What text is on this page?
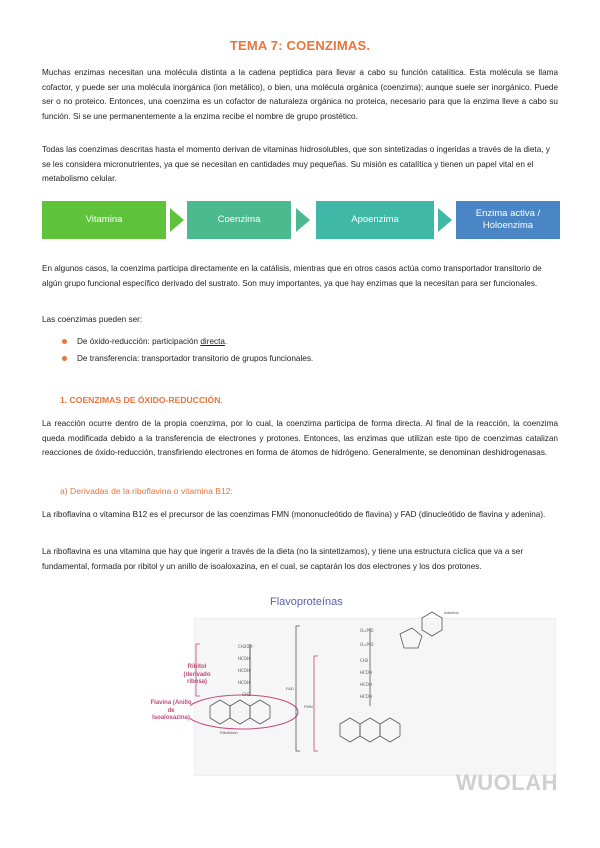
TEMA 7: COENZIMAS.
Muchas enzimas necesitan una molécula distinta a la cadena peptídica para llevar a cabo su función catalítica. Esta molécula se llama cofactor, y puede ser una molécula inorgánica (ion metálico), o bien, una molécula orgánica (coenzima); aunque suele ser inorgánico. Puede ser o no proteico. Entonces, una coenzima es un cofactor de naturaleza orgánica no proteica, necesario para que la enzima lleve a cabo su función. Si se une permanentemente a la enzima recibe el nombre de grupo prostético.
Todas las coenzimas descritas hasta el momento derivan de vitaminas hidrosolubles, que son sintetizadas o ingeridas a través de la dieta, y se les considera micronutrientes, ya que se necesitan en cantidades muy pequeñas. Su misión es catalítica y tienen un papel vital en el metabolismo celular.
Vitamina	Coenzima	Apoenzima
Enzima activa / Holoenzima
En algunos casos, la coenzima participa directamente en la catálisis, mientras que en otros casos actúa como transportador transitorio de algún grupo funcional específico derivado del sustrato. Son muy importantes, ya que hay enzimas que la necesitan para ser funcionales.
Las coenzimas pueden ser:
De óxido-reducción: participación directa.
De transferencia: transportador transitorio de grupos funcionales.
1. COENZIMAS DE ÓXIDO-REDUCCIÓN.
La reacción ocurre dentro de la propia coenzima, por lo cual, la coenzima participa de forma directa. Al final de la reacción, la coenzima queda modificada debido a la transferencia de electrones y protones. Entonces, las enzimas que utilizan este tipo de coenzimas catalizan reacciones de óxido-reducción, transfiriendo electrones en forma de átomos de hidrógeno. Generalmente, se denominan deshidrogenasas.
a) Derivadas de la riboflavina o vitamina B12:
La riboflavina o vitamina B12 es el precursor de las coenzimas FMN (mononucleótido de flavina) y FAD (dinucleótido de flavina y adenina).
La riboflavina es una vitamina que hay que ingerir a través de la dieta (no la sintetizamos), y tiene una estructura cíclica que va a ser fundamental, formada por ribitol y un anillo de isoaloxazina, en el cual, se captarán los dos electrones y los dos protones.
Flavoproteínas
CH2OH
HCOH
HCOH
HCOH
CH2
O=P-O
O=P-O
CH2
HCOH
HCOH
HCOH
Ribitol (derivado ribosa)
Flavina (Anillo de Isoaloxazina)
Riboflavin
FAD
FMN
Adenine
WUOLAH
